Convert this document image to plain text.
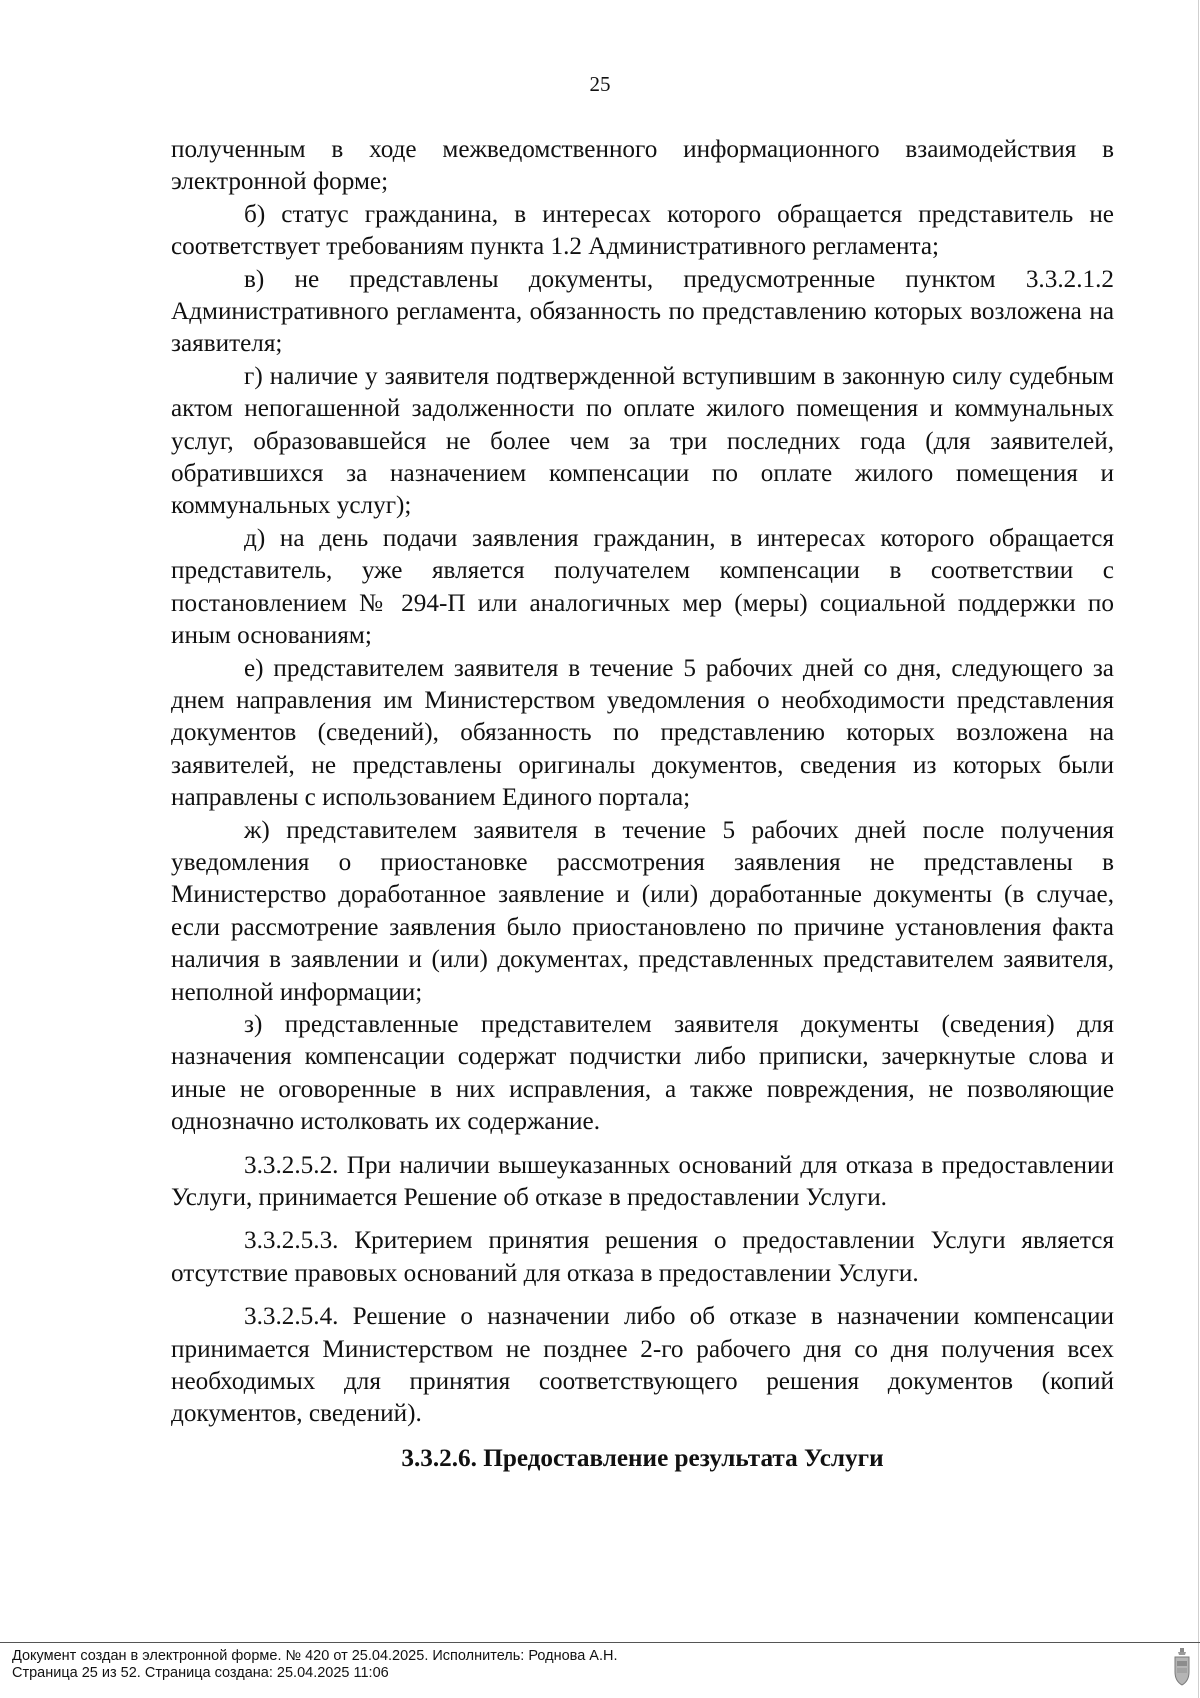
25

полученным в ходе межведомственного информационного взаимодействия в электронной форме;

б) статус гражданина, в интересах которого обращается представитель не соответствует требованиям пункта 1.2 Административного регламента;

в) не представлены документы, предусмотренные пунктом 3.3.2.1.2 Административного регламента, обязанность по представлению которых возложена на заявителя;

г) наличие у заявителя подтвержденной вступившим в законную силу судебным актом непогашенной задолженности по оплате жилого помещения и коммунальных услуг, образовавшейся не более чем за три последних года (для заявителей, обратившихся за назначением компенсации по оплате жилого помещения и коммунальных услуг);

д) на день подачи заявления гражданин, в интересах которого обращается представитель, уже является получателем компенсации в соответствии с постановлением № 294-П или аналогичных мер (меры) социальной поддержки по иным основаниям;

е) представителем заявителя в течение 5 рабочих дней со дня, следующего за днем направления им Министерством уведомления о необходимости представления документов (сведений), обязанность по представлению которых возложена на заявителей, не представлены оригиналы документов, сведения из которых были направлены с использованием Единого портала;

ж) представителем заявителя в течение 5 рабочих дней после получения уведомления о приостановке рассмотрения заявления не представлены в Министерство доработанное заявление и (или) доработанные документы (в случае, если рассмотрение заявления было приостановлено по причине установления факта наличия в заявлении и (или) документах, представленных представителем заявителя, неполной информации;

з) представленные представителем заявителя документы (сведения) для назначения компенсации содержат подчистки либо приписки, зачеркнутые слова и иные не оговоренные в них исправления, а также повреждения, не позволяющие однозначно истолковать их содержание.

3.3.2.5.2. При наличии вышеуказанных оснований для отказа в предоставлении Услуги, принимается Решение об отказе в предоставлении Услуги.

3.3.2.5.3. Критерием принятия решения о предоставлении Услуги является отсутствие правовых оснований для отказа в предоставлении Услуги.

3.3.2.5.4. Решение о назначении либо об отказе в назначении компенсации принимается Министерством не позднее 2-го рабочего дня со дня получения всех необходимых для принятия соответствующего решения документов (копий документов, сведений).

3.3.2.6. Предоставление результата Услуги
Документ создан в электронной форме. № 420 от 25.04.2025. Исполнитель: Роднова А.Н.
Страница 25 из 52. Страница создана: 25.04.2025 11:06
